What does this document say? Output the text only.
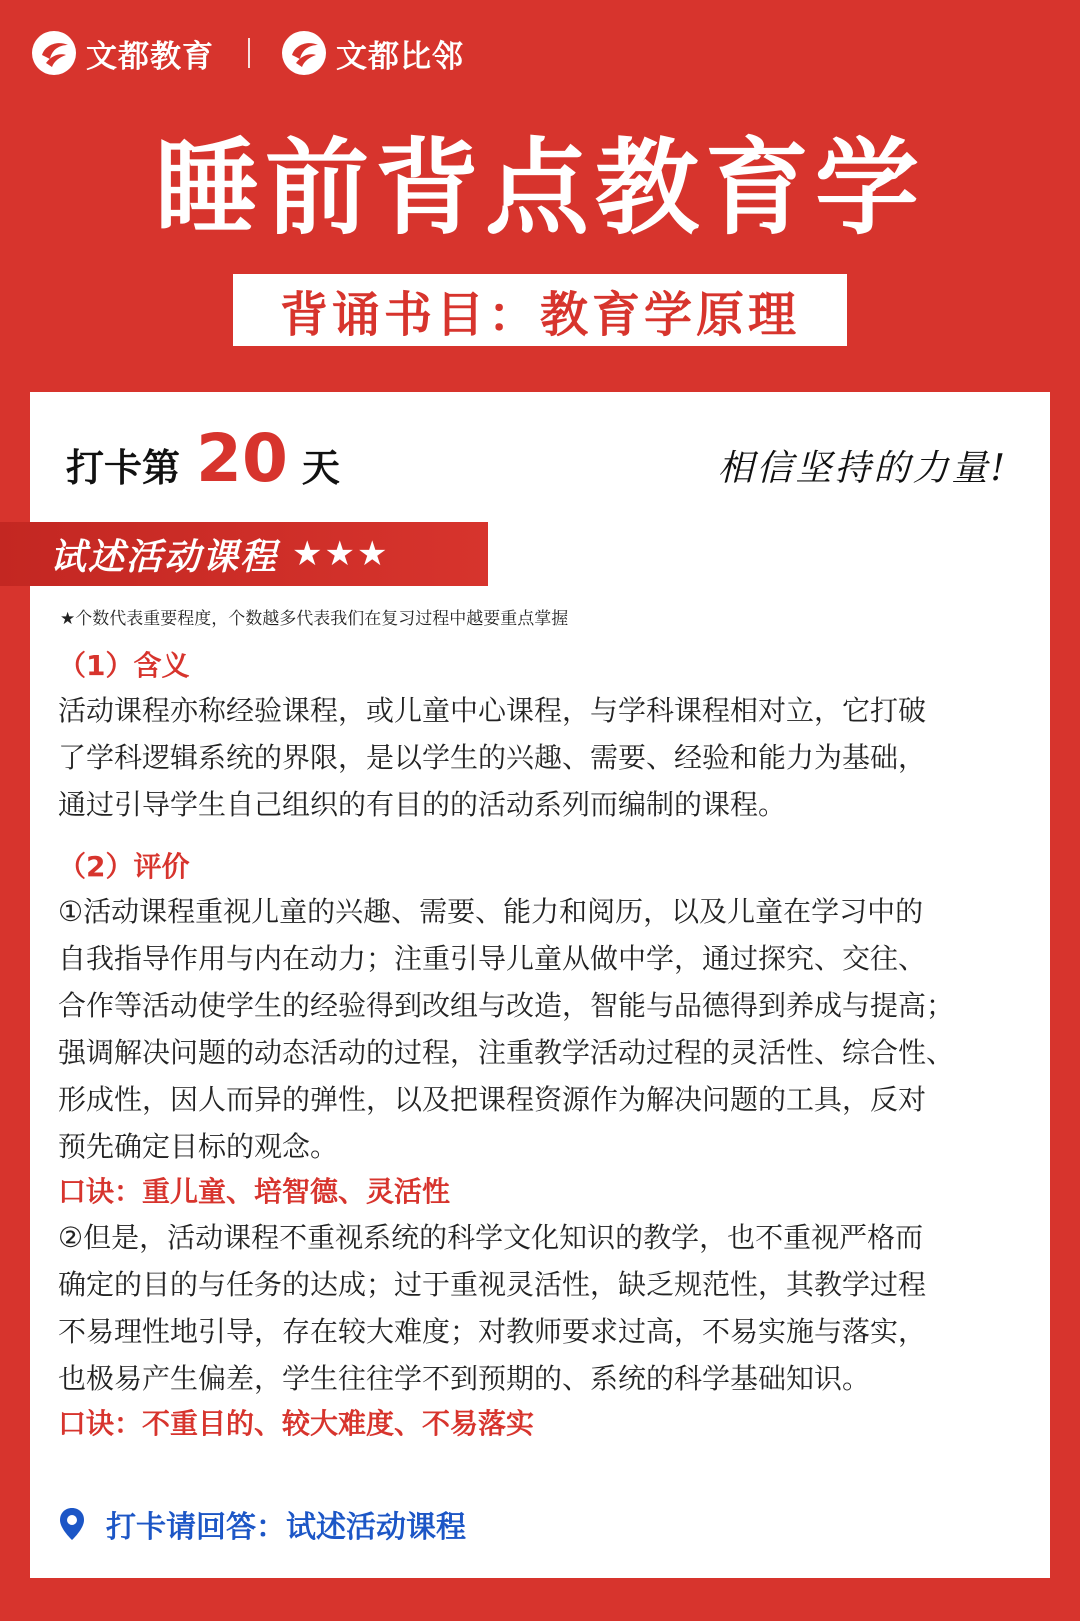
文都教育	文都比邻
睡前背点教育学
背诵书目：教育学原理
打卡第 20 天	相信坚持的力量!
试述活动课程 ★★★
★个数代表重要程度，个数越多代表我们在复习过程中越要重点掌握
（1）含义

活动课程亦称经验课程，或儿童中心课程，与学科课程相对立，它打破
了学科逻辑系统的界限，是以学生的兴趣、需要、经验和能力为基础，
通过引导学生自己组织的有目的的活动系列而编制的课程。

（2）评价

①活动课程重视儿童的兴趣、需要、能力和阅历，以及儿童在学习中的
自我指导作用与内在动力；注重引导儿童从做中学，通过探究、交往、
合作等活动使学生的经验得到改组与改造，智能与品德得到养成与提高；
强调解决问题的动态活动的过程，注重教学活动过程的灵活性、综合性、
形成性，因人而异的弹性，以及把课程资源作为解决问题的工具，反对
预先确定目标的观念。

口诀：重儿童、培智德、灵活性

②但是，活动课程不重视系统的科学文化知识的教学，也不重视严格而
确定的目的与任务的达成；过于重视灵活性，缺乏规范性，其教学过程
不易理性地引导，存在较大难度；对教师要求过高，不易实施与落实，
也极易产生偏差，学生往往学不到预期的、系统的科学基础知识。

口诀：不重目的、较大难度、不易落实
打卡请回答：试述活动课程
